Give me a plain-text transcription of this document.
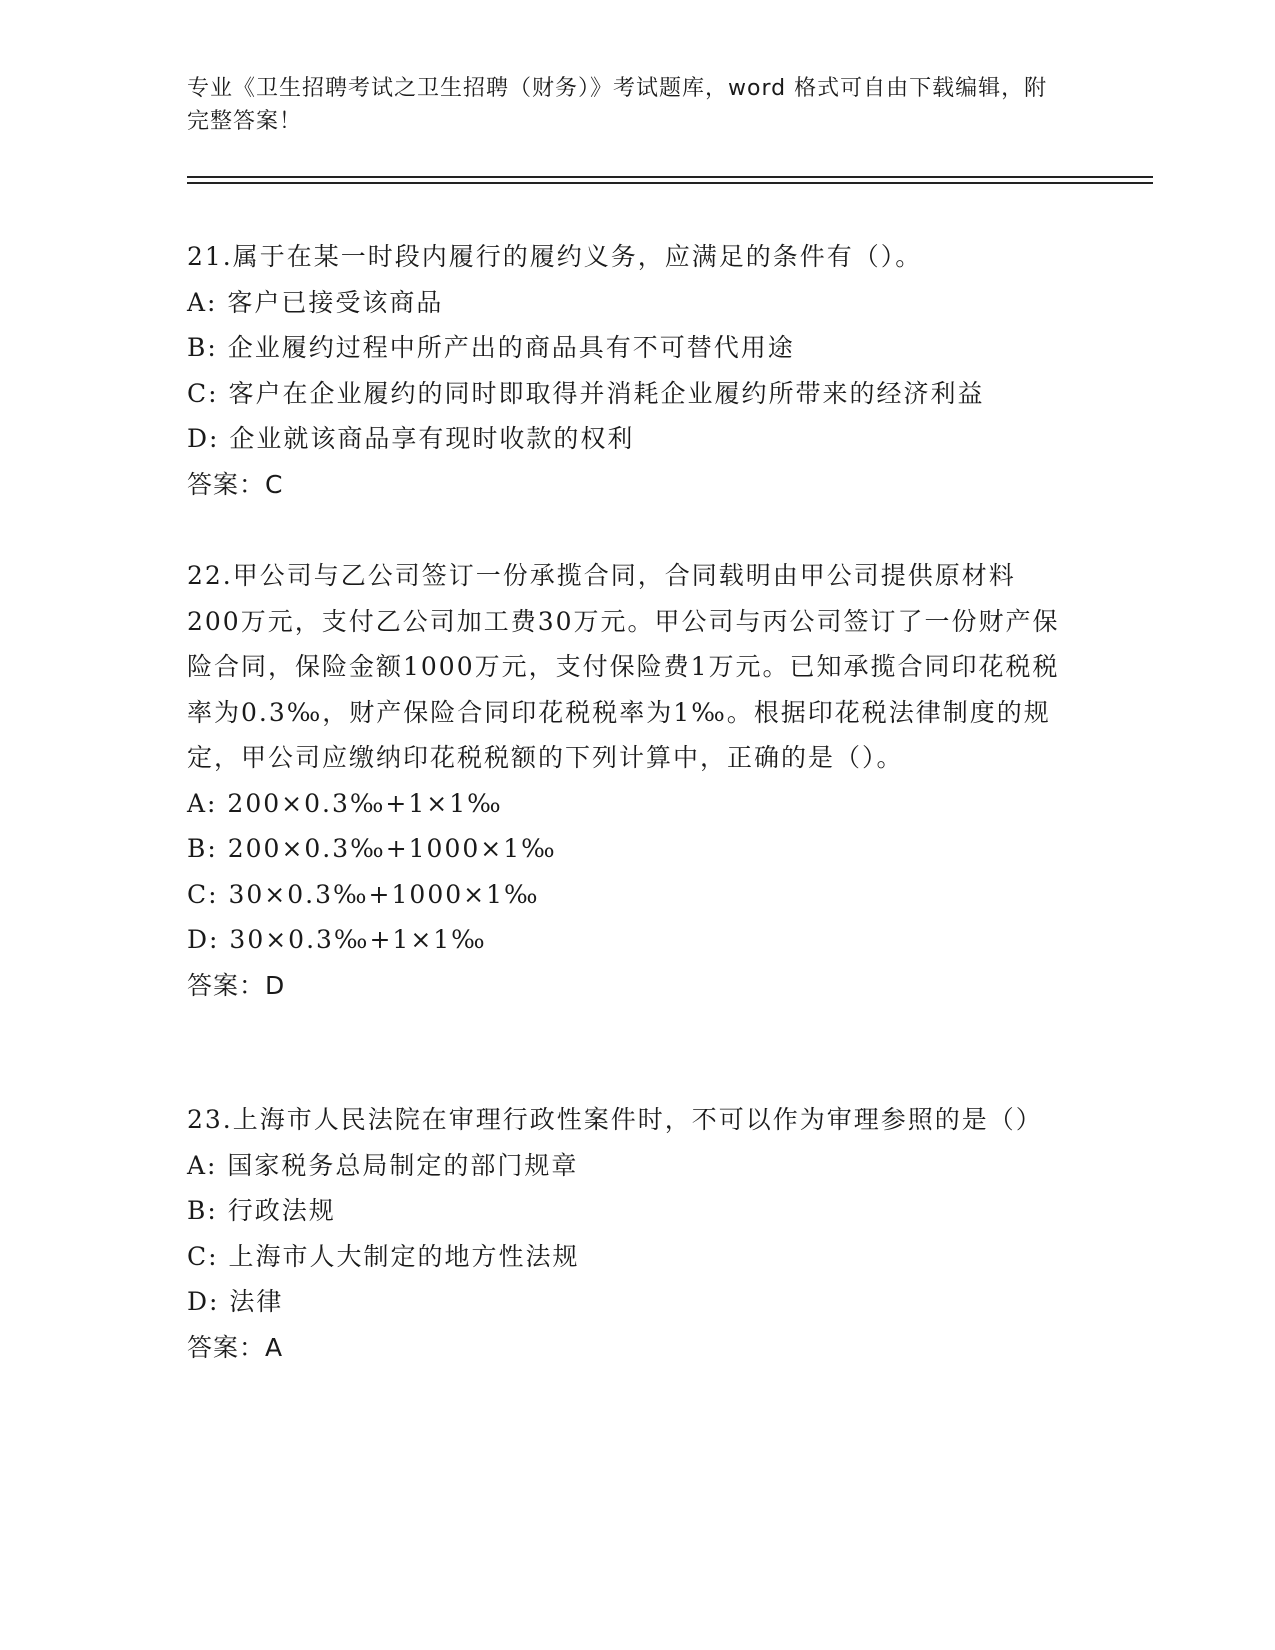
专业《卫生招聘考试之卫生招聘（财务）》考试题库，word 格式可自由下载编辑，附完整答案！
21.属于在某一时段内履行的履约义务，应满足的条件有（）。
A: 客户已接受该商品
B: 企业履约过程中所产出的商品具有不可替代用途
C: 客户在企业履约的同时即取得并消耗企业履约所带来的经济利益
D: 企业就该商品享有现时收款的权利
答案：C
22.甲公司与乙公司签订一份承揽合同，合同载明由甲公司提供原材料200万元，支付乙公司加工费30万元。甲公司与丙公司签订了一份财产保险合同，保险金额1000万元，支付保险费1万元。已知承揽合同印花税税率为0.3‰，财产保险合同印花税税率为1‰。根据印花税法律制度的规定，甲公司应缴纳印花税税额的下列计算中，正确的是（）。
A: 200×0.3‰+1×1‰
B: 200×0.3‰+1000×1‰
C: 30×0.3‰+1000×1‰
D: 30×0.3‰+1×1‰
答案：D
23.上海市人民法院在审理行政性案件时，不可以作为审理参照的是（）
A: 国家税务总局制定的部门规章
B: 行政法规
C: 上海市人大制定的地方性法规
D: 法律
答案：A
